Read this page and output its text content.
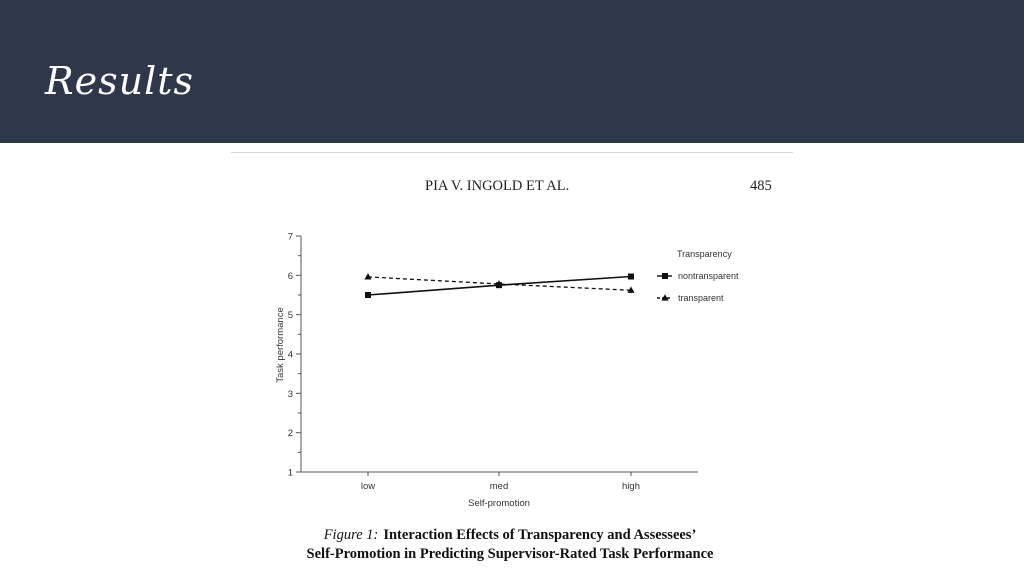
Results
PIA V. INGOLD ET AL.	485
1
2
3
4
5
6
7
low	med	high
Self-promotion
Task performance
Transparency
nontransparent
transparent
Figure 1: Interaction Effects of Transparency and Assessees’
Self-Promotion in Predicting Supervisor-Rated Task Performance
